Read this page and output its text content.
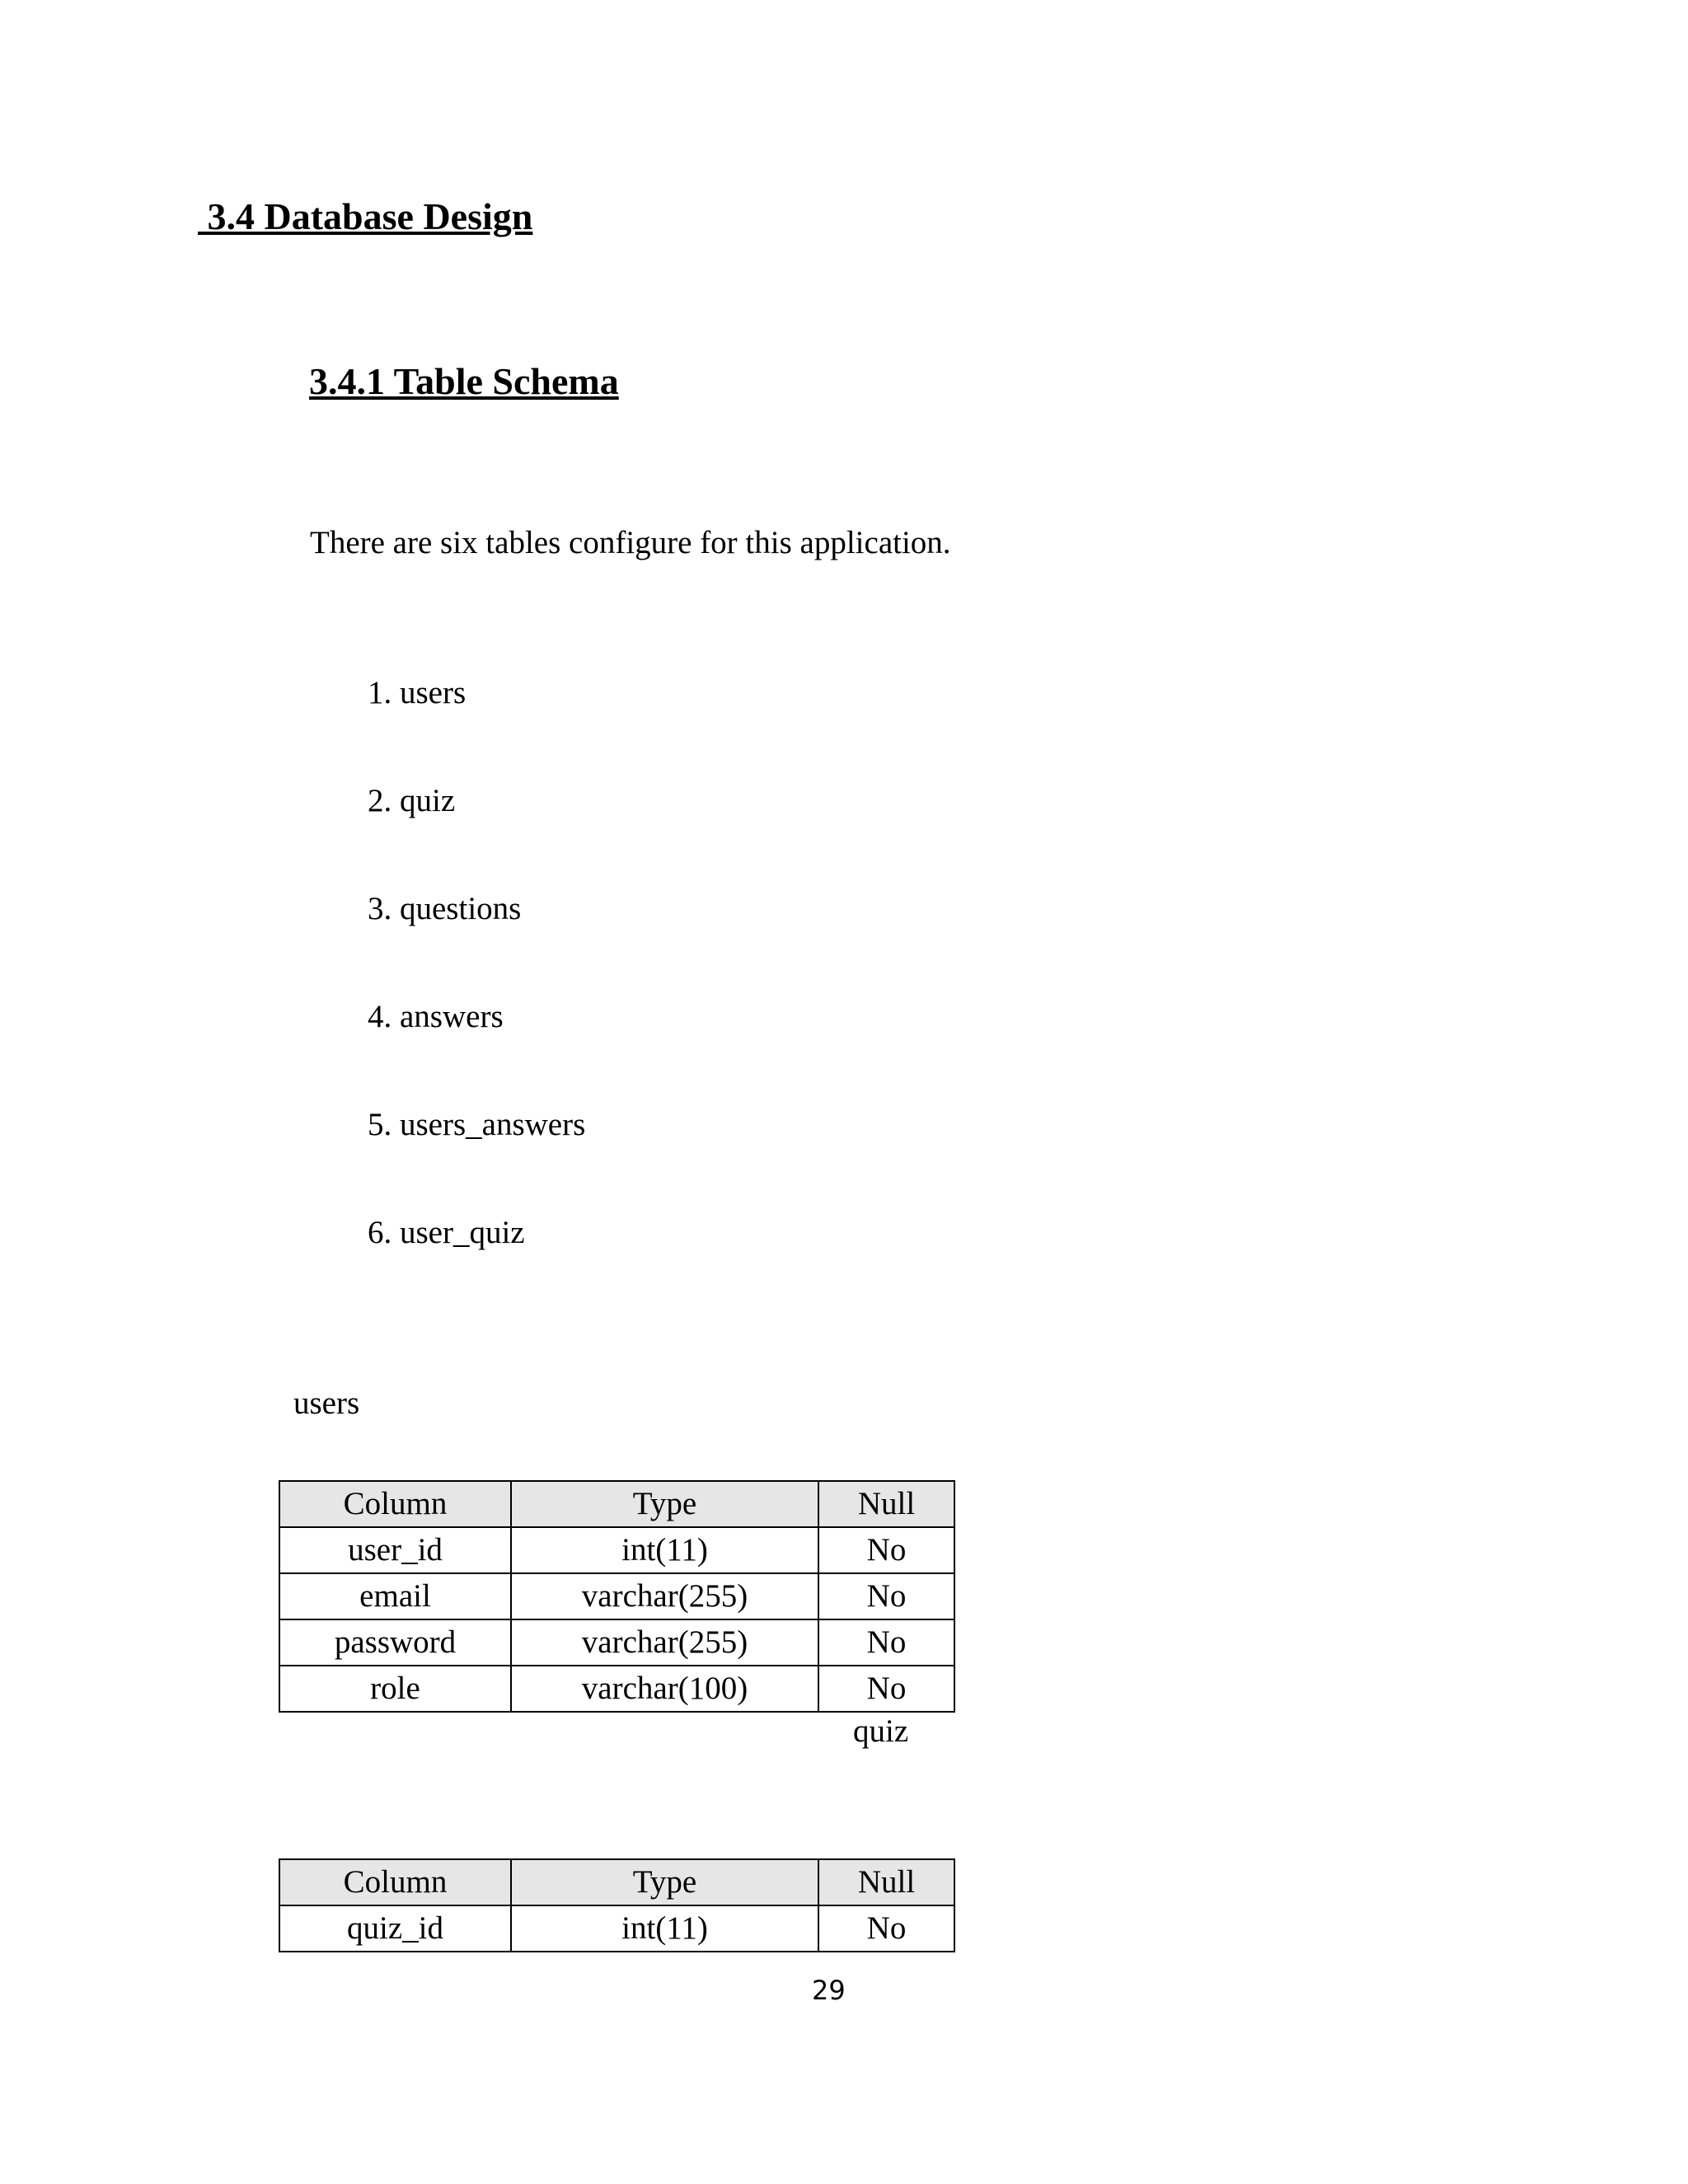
3.4 Database Design
3.4.1 Table Schema
There are six tables configure for this application.
1. users
2. quiz
3. questions
4. answers
5. users_answers
6. user_quiz
users
Column	Type	Null
user_id	int(11)	No
email	varchar(255)	No
password	varchar(255)	No
role	varchar(100)	No
quiz
Column	Type	Null
quiz_id	int(11)	No
29
